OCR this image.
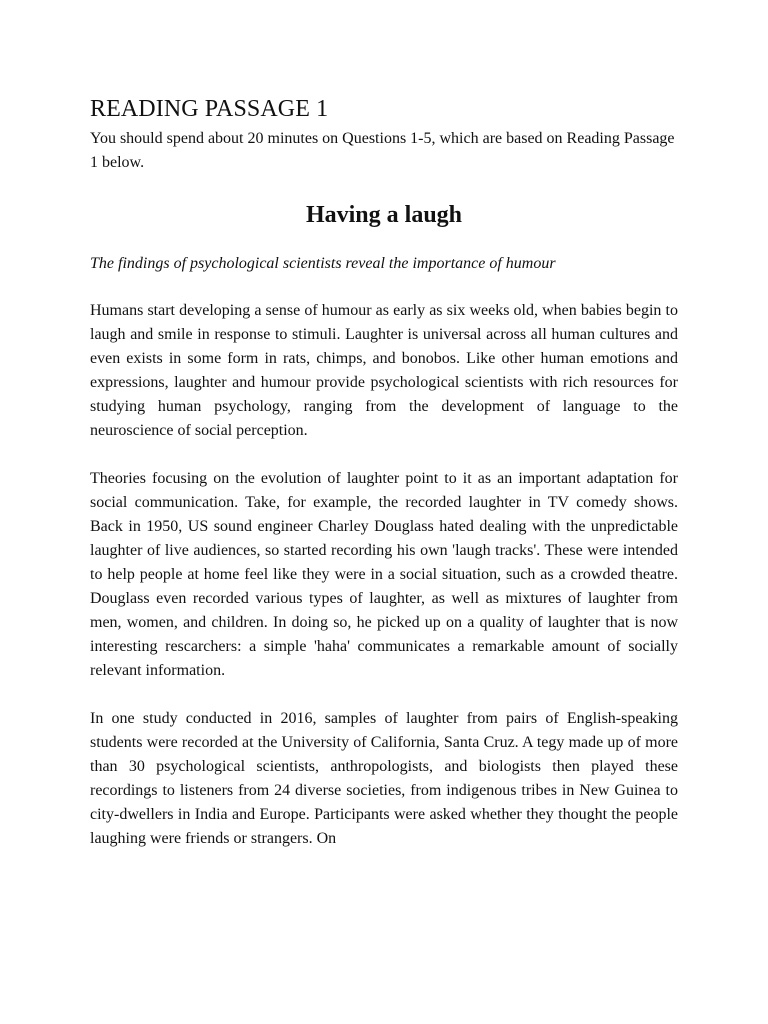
READING PASSAGE 1

You should spend about 20 minutes on Questions 1-5, which are based on Reading Passage 1 below.

Having a laugh

The findings of psychological scientists reveal the importance of humour

Humans start developing a sense of humour as early as six weeks old, when babies begin to laugh and smile in response to stimuli. Laughter is universal across all human cultures and even exists in some form in rats, chimps, and bonobos. Like other human emotions and expressions, laughter and humour provide psychological scientists with rich resources for studying human psychology, ranging from the development of language to the neuroscience of social perception.

Theories focusing on the evolution of laughter point to it as an important adaptation for social communication. Take, for example, the recorded laughter in TV comedy shows. Back in 1950, US sound engineer Charley Douglass hated dealing with the unpredictable laughter of live audiences, so started recording his own 'laugh tracks'. These were intended to help people at home feel like they were in a social situation, such as a crowded theatre. Douglass even recorded various types of laughter, as well as mixtures of laughter from men, women, and children. In doing so, he picked up on a quality of laughter that is now interesting rescarchers: a simple 'haha' communicates a remarkable amount of socially relevant information.

In one study conducted in 2016, samples of laughter from pairs of English-speaking students were recorded at the University of California, Santa Cruz. A tegy made up of more than 30 psychological scientists, anthropologists, and biologists then played these recordings to listeners from 24 diverse societies, from indigenous tribes in New Guinea to city-dwellers in India and Europe. Participants were asked whether they thought the people laughing were friends or strangers. On
